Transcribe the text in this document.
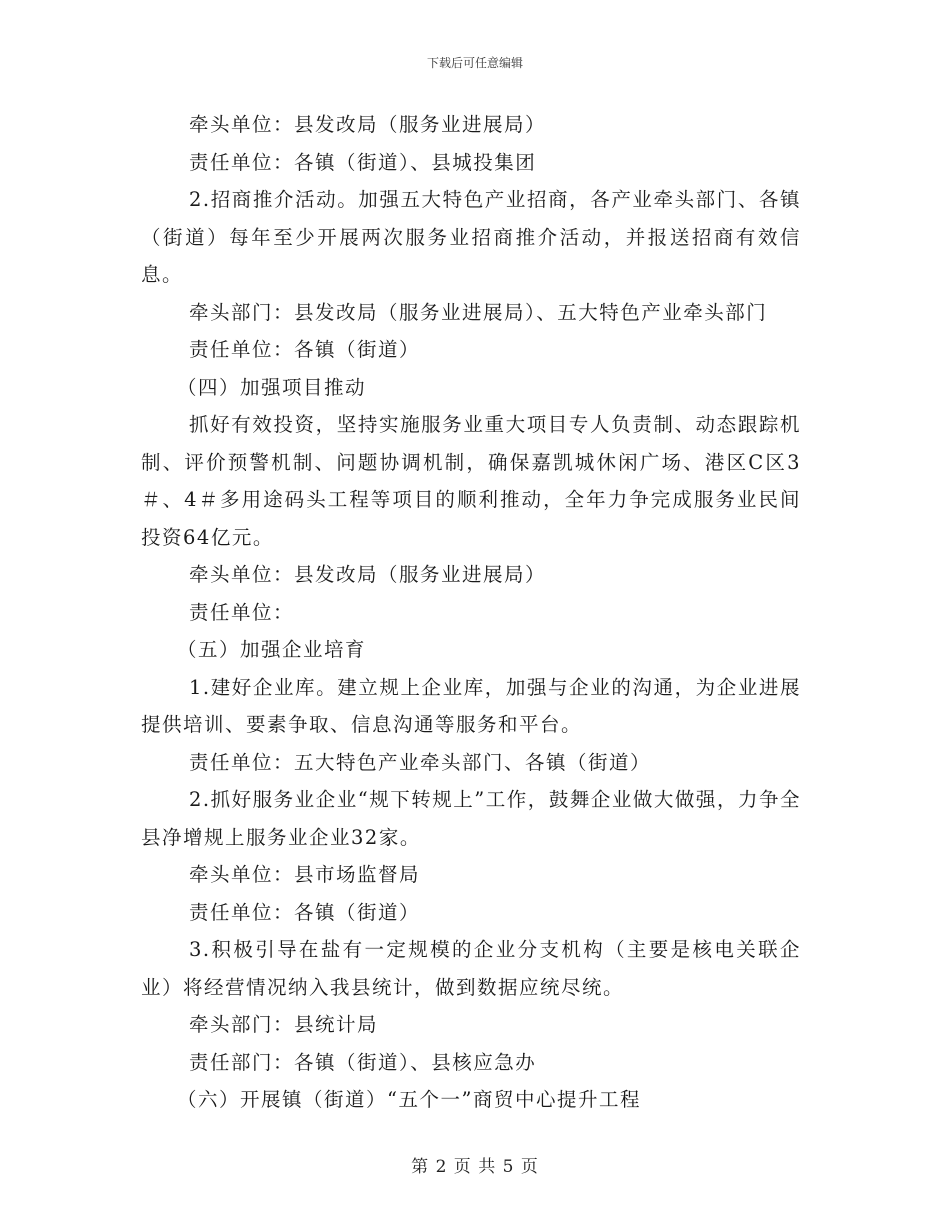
下载后可任意编辑

牵头单位：县发改局（服务业进展局）

责任单位：各镇（街道）、县城投集团

2.招商推介活动。加强五大特色产业招商，各产业牵头部门、各镇（街道）每年至少开展两次服务业招商推介活动，并报送招商有效信息。

牵头部门：县发改局（服务业进展局）、五大特色产业牵头部门

责任单位：各镇（街道）

（四）加强项目推动

抓好有效投资，坚持实施服务业重大项目专人负责制、动态跟踪机制、评价预警机制、问题协调机制，确保嘉凯城休闲广场、港区C区3＃、4＃多用途码头工程等项目的顺利推动，全年力争完成服务业民间投资64亿元。

牵头单位：县发改局（服务业进展局）

责任单位：

（五）加强企业培育

1.建好企业库。建立规上企业库，加强与企业的沟通，为企业进展提供培训、要素争取、信息沟通等服务和平台。

责任单位：五大特色产业牵头部门、各镇（街道）

2.抓好服务业企业“规下转规上”工作，鼓舞企业做大做强，力争全县净增规上服务业企业32家。

牵头单位：县市场监督局

责任单位：各镇（街道）

3.积极引导在盐有一定规模的企业分支机构（主要是核电关联企业）将经营情况纳入我县统计，做到数据应统尽统。

牵头部门：县统计局

责任部门：各镇（街道）、县核应急办

（六）开展镇（街道）“五个一”商贸中心提升工程

第 2 页 共 5 页
